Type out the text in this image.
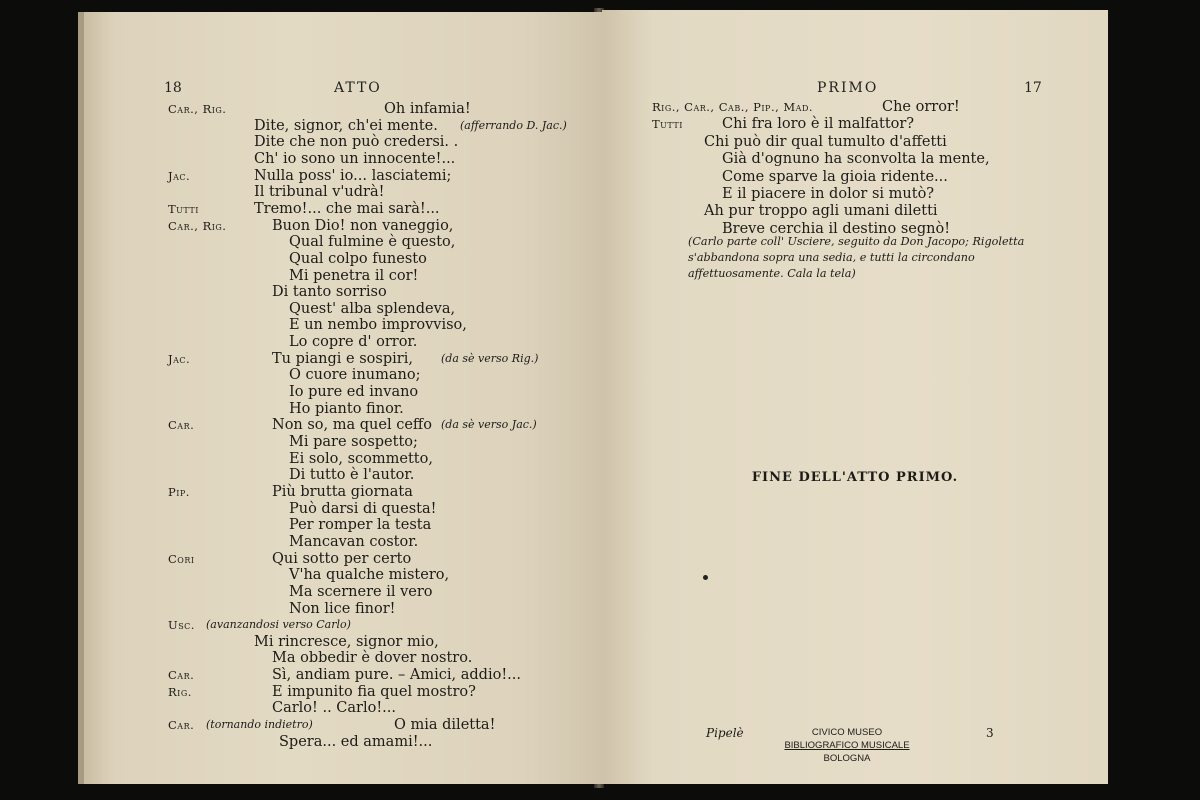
18	ATTO
Car., Rig.	Oh infamia!
Dite, signor, ch'ei mente. (afferrando D. Jac.)
Dite che non può credersi. .
Ch' io sono un innocente!...
Jac.	Nulla poss' io... lasciatemi;
Il tribunal v'udrà!
Tutti	Tremo!... che mai sarà!...
Car., Rig.	Buon Dio! non vaneggio,
Qual fulmine è questo,
Qual colpo funesto
Mi penetra il cor!
Di tanto sorriso
Quest' alba splendeva,
E un nembo improvviso,
Lo copre d' orror.
Jac.	Tu piangi e sospiri,	(da sè verso Rig.)
O cuore inumano;
Io pure ed invano
Ho pianto finor.
Car.	Non so, ma quel ceffo (da sè verso Jac.)
Mi pare sospetto;
Ei solo, scommetto,
Di tutto è l'autor.
Pip.	Più brutta giornata
Può darsi di questa!
Per romper la testa
Mancavan costor.
Cori	Qui sotto per certo
V'ha qualche mistero,
Ma scernere il vero
Non lice finor!
Usc. (avanzandosi verso Carlo)
Mi rincresce, signor mio,
Ma obbedir è dover nostro.
Car.	Sì, andiam pure. – Amici, addio!...
Rig.	E impunito fia quel mostro?
Carlo! .. Carlo!...
Car.	O mia diletta!
(tornando indietro)
Spera... ed amami!...
PRIMO	17
Rig., Car., Cab., Pip., Mad.	Che orror!
Tutti	Chi fra loro è il malfattor?
Chi può dir qual tumulto d'affetti
Già d'ognuno ha sconvolta la mente,
Come sparve la gioia ridente...
E il piacere in dolor si mutò?
Ah pur troppo agli umani diletti
Breve cerchia il destino segnò!
(Carlo parte coll' Usciere, seguito da Don Jacopo; Rigoletta s'abbandona sopra una sedia, e tutti la circondano affettuosamente. Cala la tela)
FINE DELL'ATTO PRIMO.
Pipelè	CIVICO MUSEO
BIBLIOGRAFICO MUSICALE
BOLOGNA
3
